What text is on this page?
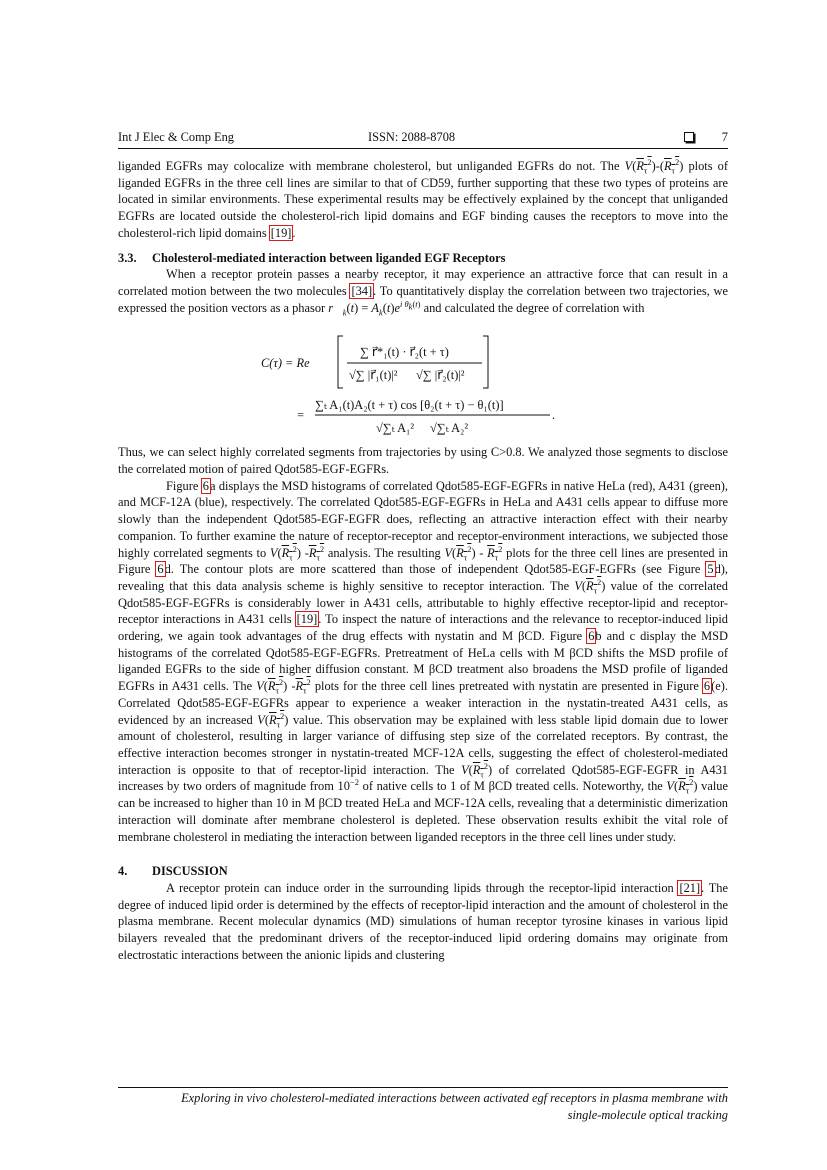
Int J Elec & Comp Eng	ISSN: 2088-8708	7

liganded EGFRs may colocalize with membrane cholesterol, but unliganded EGFRs do not. The $V(R_\tau^2)-(R_\tau^2)$ plots of liganded EGFRs in the three cell lines are similar to that of CD59, further supporting that these two types of proteins are located in similar environments. These experimental results may be effectively explained by the concept that unliganded EGFRs are located outside the cholesterol-rich lipid domains and EGF binding causes the receptors to move into the cholesterol-rich lipid domains [19].

3.3. Cholesterol-mediated interaction between liganded EGF Receptors

When a receptor protein passes a nearby receptor, it may experience an attractive force that can result in a correlated motion between the two molecules [34]. To quantitatively display the correlation between two trajectories, we expressed the position vectors as a phasor $r⃗_k(t) = A_k(t)e^{i \theta_k(t)}$ and calculated the degree of correlation with

C(τ) = Re
∑ r⃗*₁(t) · r⃗₂(t + τ)
√∑ |r⃗₁(t)|² √∑ |r⃗₂(t)|²
=
∑ₜ A₁(t)A₂(t + τ) cos [θ₂(t + τ) − θ₁(t)]
√∑ₜ A₁² √∑ₜ A₂²
.

Thus, we can select highly correlated segments from trajectories by using C>0.8. We analyzed those segments to disclose the correlated motion of paired Qdot585-EGF-EGFRs.

Figure 6a displays the MSD histograms of correlated Qdot585-EGF-EGFRs in native HeLa (red), A431 (green), and MCF-12A (blue), respectively. The correlated Qdot585-EGF-EGFRs in HeLa and A431 cells appear to diffuse more slowly than the independent Qdot585-EGF-EGFR does, reflecting an attractive interaction effect with their nearby companion. To further examine the nature of receptor-receptor and receptor-environment interactions, we subjected those highly correlated segments to $V(R_\tau^2)$ $-R_\tau^2$ analysis. The resulting $V(R_\tau^2) - R_\tau^2$ plots for the three cell lines are presented in Figure 6d. The contour plots are more scattered than those of independent Qdot585-EGF-EGFRs (see Figure 5d), revealing that this data analysis scheme is highly sensitive to receptor interaction. The $V(R_\tau^2)$ value of the correlated Qdot585-EGF-EGFRs is considerably lower in A431 cells, attributable to highly effective receptor-lipid and receptor-receptor interactions in A431 cells [19]. To inspect the nature of interactions and the relevance to receptor-induced lipid ordering, we again took advantages of the drug effects with nystatin and M βCD. Figure 6b and c display the MSD histograms of the correlated Qdot585-EGF-EGFRs. Pretreatment of HeLa cells with M βCD shifts the MSD profile of liganded EGFRs to the side of higher diffusion constant. M βCD treatment also broadens the MSD profile of liganded EGFRs in A431 cells. The $V(R_\tau^2)$ $-R_\tau^2$ plots for the three cell lines pretreated with nystatin are presented in Figure 6(e). Correlated Qdot585-EGF-EGFRs appear to experience a weaker interaction in the nystatin-treated A431 cells, as evidenced by an increased $V(R_\tau^2)$ value. This observation may be explained with less stable lipid domain due to lower amount of cholesterol, resulting in larger variance of diffusing step size of the correlated receptors. By contrast, the effective interaction becomes stronger in nystatin-treated MCF-12A cells, suggesting the effect of cholesterol-mediated interaction is opposite to that of receptor-lipid interaction. The $V(R_\tau^2)$ of correlated Qdot585-EGF-EGFR in A431 increases by two orders of magnitude from $10^{-2}$ of native cells to 1 of M βCD treated cells. Noteworthy, the $V(R_\tau^2)$ value can be increased to higher than 10 in M βCD treated HeLa and MCF-12A cells, revealing that a deterministic dimerization interaction will dominate after membrane cholesterol is depleted. These observation results exhibit the vital role of membrane cholesterol in mediating the interaction between liganded receptors in the three cell lines under study.

4. DISCUSSION

A receptor protein can induce order in the surrounding lipids through the receptor-lipid interaction [21]. The degree of induced lipid order is determined by the effects of receptor-lipid interaction and the amount of cholesterol in the plasma membrane. Recent molecular dynamics (MD) simulations of human receptor tyrosine kinases in various lipid bilayers revealed that the predominant drivers of the receptor-induced lipid ordering domains may originate from electrostatic interactions between the anionic lipids and clustering

Exploring in vivo cholesterol-mediated interactions between activated egf receptors in plasma membrane with
single-molecule optical tracking
